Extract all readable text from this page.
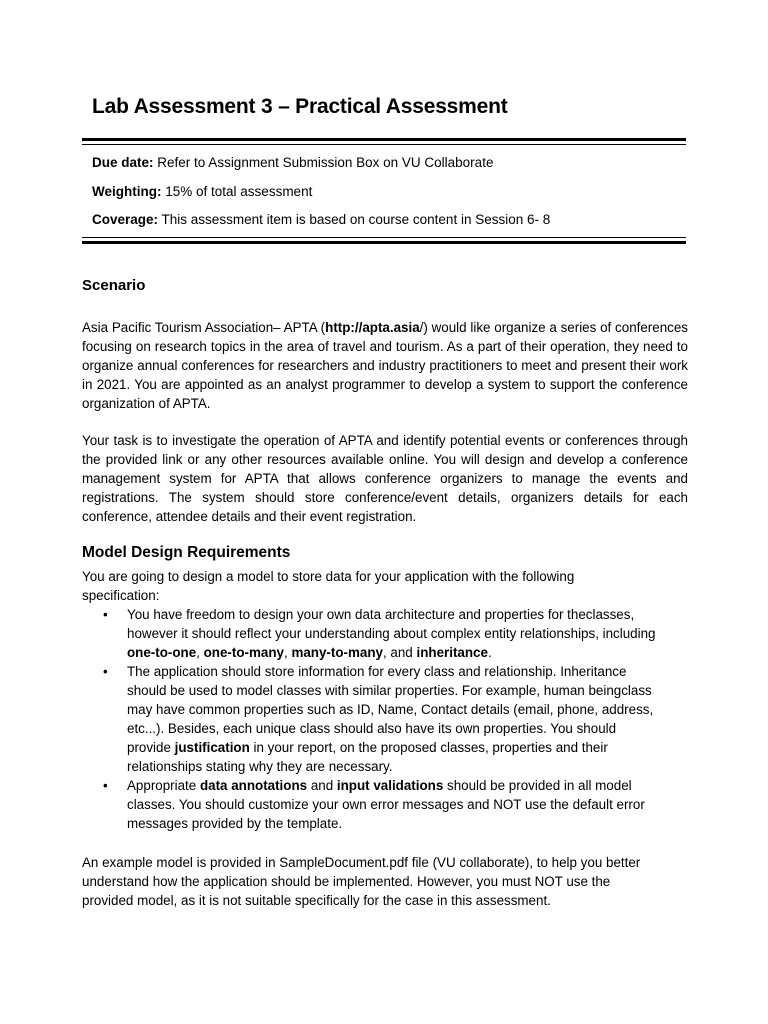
Lab Assessment 3 – Practical Assessment
Due date: Refer to Assignment Submission Box on VU Collaborate
Weighting: 15% of total assessment
Coverage: This assessment item is based on course content in Session 6- 8
Scenario
Asia Pacific Tourism Association– APTA (http://apta.asia/) would like organize a series of conferences focusing on research topics in the area of travel and tourism. As a part of their operation, they need to organize annual conferences for researchers and industry practitioners to meet and present their work in 2021. You are appointed as an analyst programmer to develop a system to support the conference organization of APTA.
Your task is to investigate the operation of APTA and identify potential events or conferences through the provided link or any other resources available online. You will design and develop a conference management system for APTA that allows conference organizers to manage the events and registrations. The system should store conference/event details, organizers details for each conference, attendee details and their event registration.
Model Design Requirements
You are going to design a model to store data for your application with the following specification:
• You have freedom to design your own data architecture and properties for theclasses, however it should reflect your understanding about complex entity relationships, including one-to-one, one-to-many, many-to-many, and inheritance.
• The application should store information for every class and relationship. Inheritance should be used to model classes with similar properties. For example, human beingclass may have common properties such as ID, Name, Contact details (email, phone, address, etc...). Besides, each unique class should also have its own properties. You should provide justification in your report, on the proposed classes, properties and their relationships stating why they are necessary.
• Appropriate data annotations and input validations should be provided in all model classes. You should customize your own error messages and NOT use the default error messages provided by the template.
An example model is provided in SampleDocument.pdf file (VU collaborate), to help you better understand how the application should be implemented. However, you must NOT use the provided model, as it is not suitable specifically for the case in this assessment.
